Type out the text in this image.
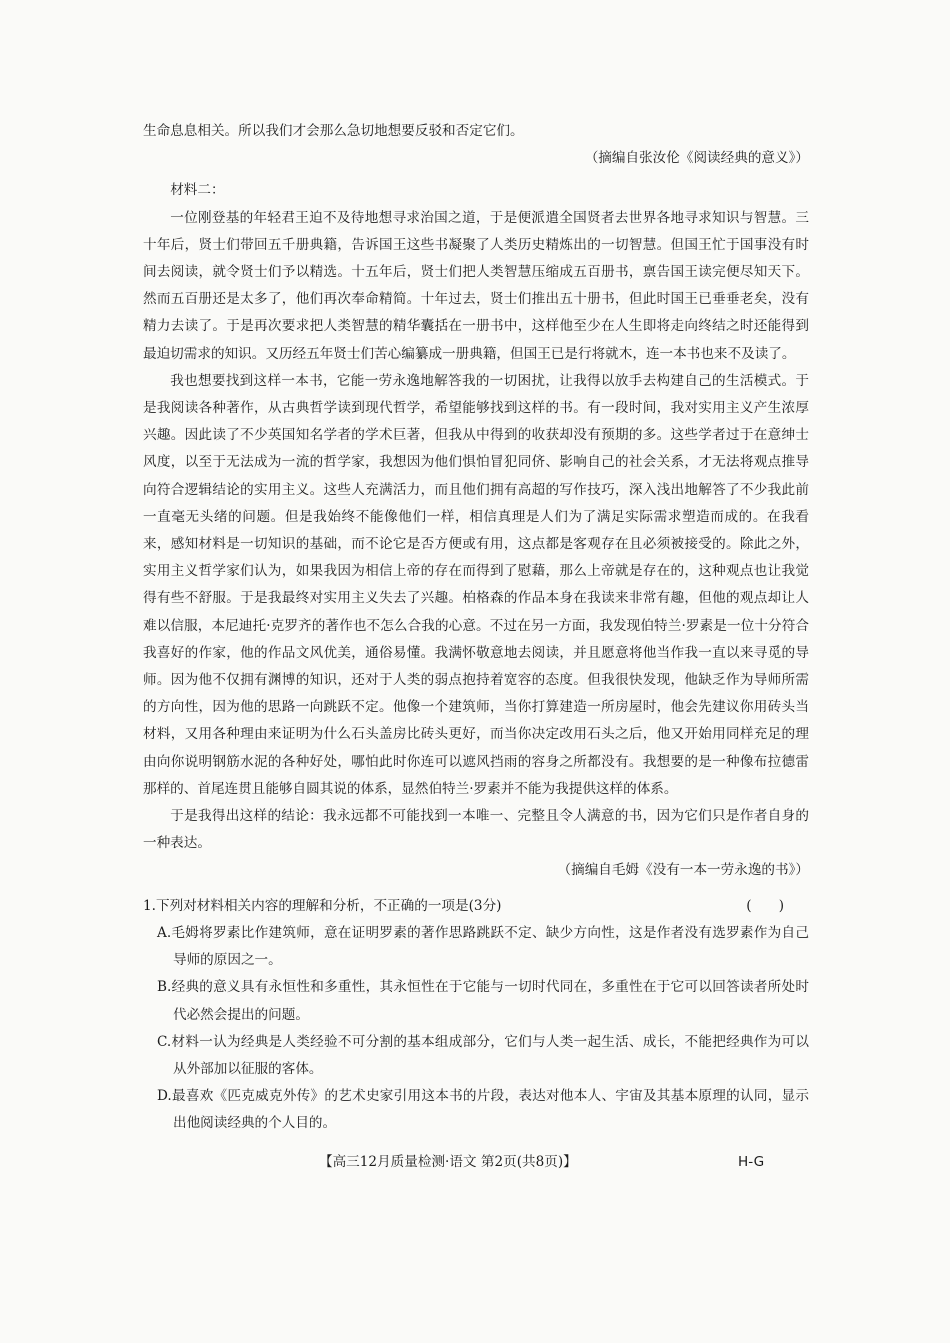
生命息息相关。所以我们才会那么急切地想要反驳和否定它们。

（摘编自张汝伦《阅读经典的意义》）

材料二：

一位刚登基的年轻君王迫不及待地想寻求治国之道，于是便派遣全国贤者去世界各地寻求知识与智慧。三十年后，贤士们带回五千册典籍，告诉国王这些书凝聚了人类历史精炼出的一切智慧。但国王忙于国事没有时间去阅读，就令贤士们予以精选。十五年后，贤士们把人类智慧压缩成五百册书，禀告国王读完便尽知天下。然而五百册还是太多了，他们再次奉命精简。十年过去，贤士们推出五十册书，但此时国王已垂垂老矣，没有精力去读了。于是再次要求把人类智慧的精华囊括在一册书中，这样他至少在人生即将走向终结之时还能得到最迫切需求的知识。又历经五年贤士们苦心编纂成一册典籍，但国王已是行将就木，连一本书也来不及读了。

我也想要找到这样一本书，它能一劳永逸地解答我的一切困扰，让我得以放手去构建自己的生活模式。于是我阅读各种著作，从古典哲学读到现代哲学，希望能够找到这样的书。有一段时间，我对实用主义产生浓厚兴趣。因此读了不少英国知名学者的学术巨著，但我从中得到的收获却没有预期的多。这些学者过于在意绅士风度，以至于无法成为一流的哲学家，我想因为他们惧怕冒犯同侪、影响自己的社会关系，才无法将观点推导向符合逻辑结论的实用主义。这些人充满活力，而且他们拥有高超的写作技巧，深入浅出地解答了不少我此前一直毫无头绪的问题。但是我始终不能像他们一样，相信真理是人们为了满足实际需求塑造而成的。在我看来，感知材料是一切知识的基础，而不论它是否方便或有用，这点都是客观存在且必须被接受的。除此之外，实用主义哲学家们认为，如果我因为相信上帝的存在而得到了慰藉，那么上帝就是存在的，这种观点也让我觉得有些不舒服。于是我最终对实用主义失去了兴趣。柏格森的作品本身在我读来非常有趣，但他的观点却让人难以信服，本尼迪托·克罗齐的著作也不怎么合我的心意。不过在另一方面，我发现伯特兰·罗素是一位十分符合我喜好的作家，他的作品文风优美，通俗易懂。我满怀敬意地去阅读，并且愿意将他当作我一直以来寻觅的导师。因为他不仅拥有渊博的知识，还对于人类的弱点抱持着宽容的态度。但我很快发现，他缺乏作为导师所需的方向性，因为他的思路一向跳跃不定。他像一个建筑师，当你打算建造一所房屋时，他会先建议你用砖头当材料，又用各种理由来证明为什么石头盖房比砖头更好，而当你决定改用石头之后，他又开始用同样充足的理由向你说明钢筋水泥的各种好处，哪怕此时你连可以遮风挡雨的容身之所都没有。我想要的是一种像布拉德雷那样的、首尾连贯且能够自圆其说的体系，显然伯特兰·罗素并不能为我提供这样的体系。

于是我得出这样的结论：我永远都不可能找到一本唯一、完整且令人满意的书，因为它们只是作者自身的一种表达。

（摘编自毛姆《没有一本一劳永逸的书》）

1.下列对材料相关内容的理解和分析，不正确的一项是(3分)	(　　)

A.毛姆将罗素比作建筑师，意在证明罗素的著作思路跳跃不定、缺少方向性，这是作者没有选罗素作为自己导师的原因之一。

B.经典的意义具有永恒性和多重性，其永恒性在于它能与一切时代同在，多重性在于它可以回答读者所处时代必然会提出的问题。

C.材料一认为经典是人类经验不可分割的基本组成部分，它们与人类一起生活、成长，不能把经典作为可以从外部加以征服的客体。

D.最喜欢《匹克威克外传》的艺术史家引用这本书的片段，表达对他本人、宇宙及其基本原理的认同，显示出他阅读经典的个人目的。

【高三12月质量检测·语文 第2页(共8页)】	H-G
